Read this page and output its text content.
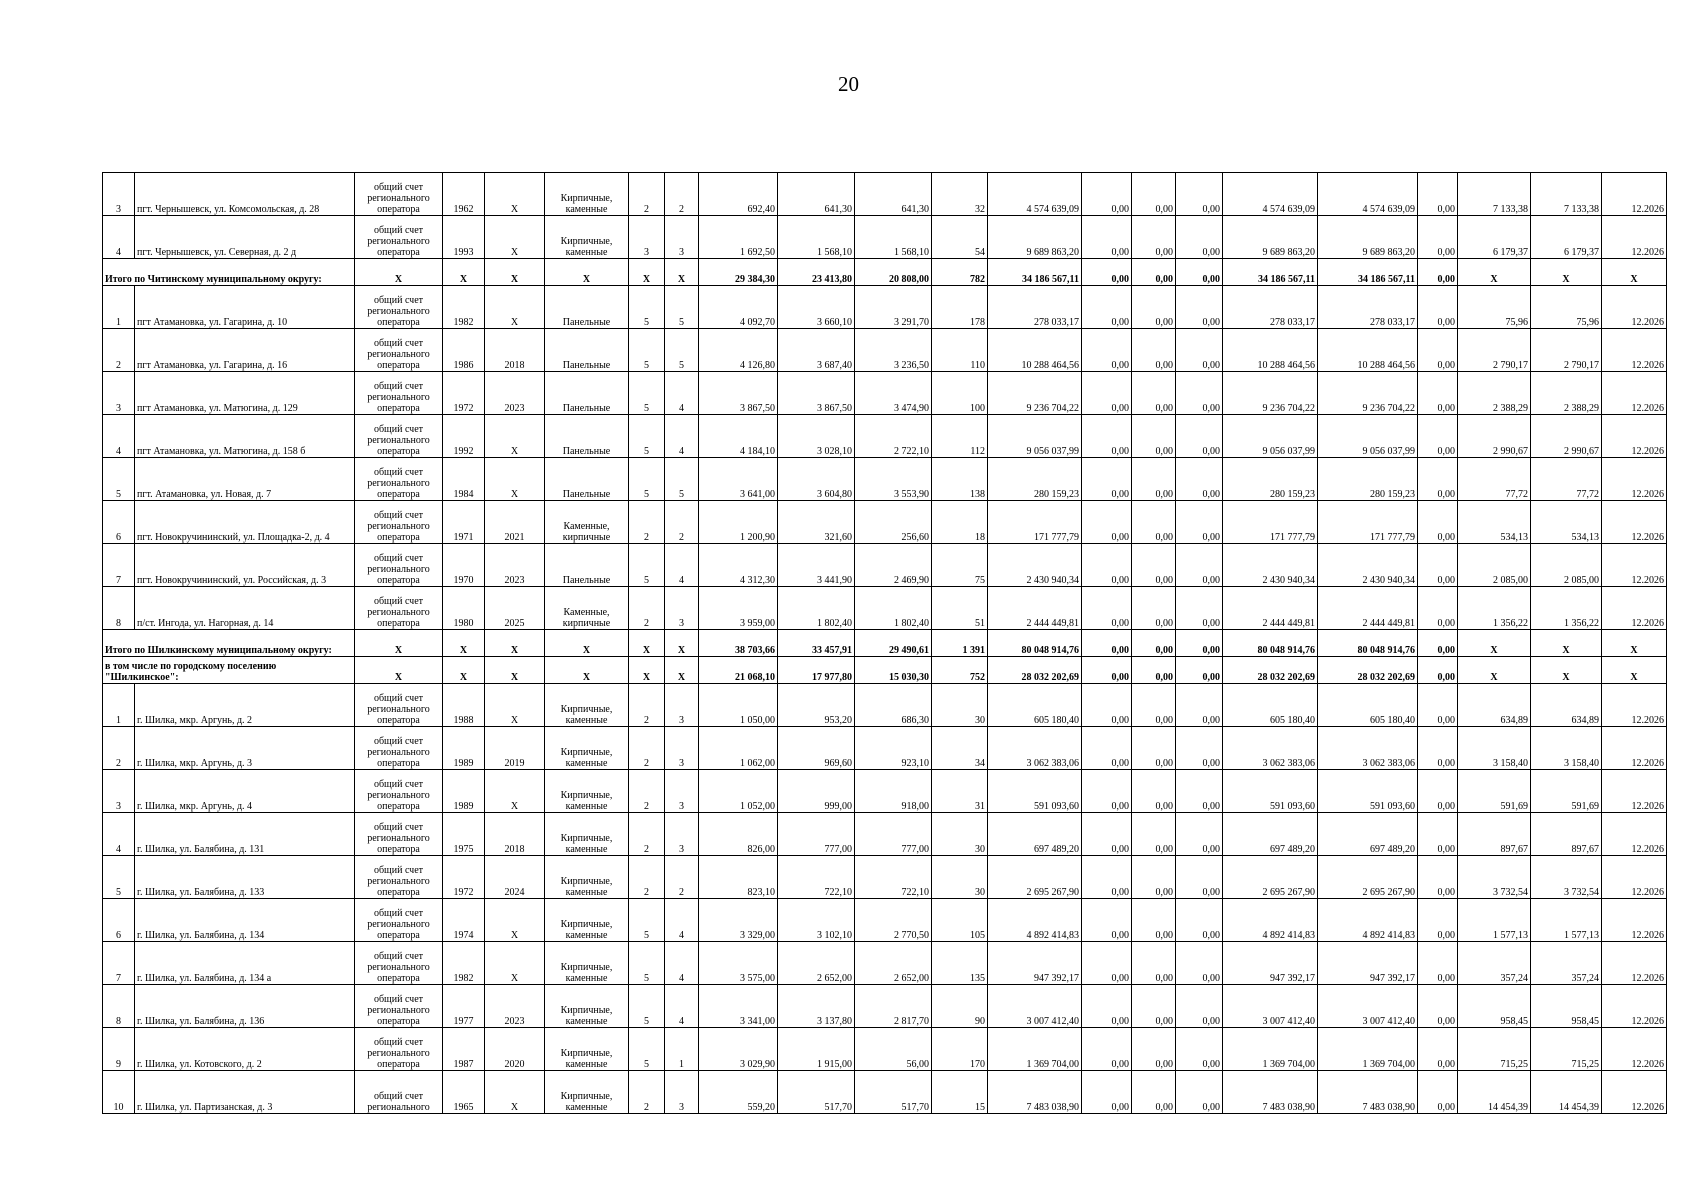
20
3	пгт. Чернышевск, ул. Комсомольская, д. 28	общий счет регионального оператора	1962	X	Кирпичные, каменные	2	2	692,40	641,30	641,30	32	4 574 639,09	0,00	0,00	0,00	4 574 639,09	4 574 639,09	0,00	7 133,38	7 133,38	12.2026
4	пгт. Чернышевск, ул. Северная, д. 2 д	общий счет регионального оператора	1993	X	Кирпичные, каменные	3	3	1 692,50	1 568,10	1 568,10	54	9 689 863,20	0,00	0,00	0,00	9 689 863,20	9 689 863,20	0,00	6 179,37	6 179,37	12.2026
Итого по Читинскому муниципальному округу:		X	X	X	X	X	X	29 384,30	23 413,80	20 808,00	782	34 186 567,11	0,00	0,00	0,00	34 186 567,11	34 186 567,11	0,00	X	X	X
1	пгт Атамановка, ул. Гагарина, д. 10	общий счет регионального оператора	1982	X	Панельные	5	5	4 092,70	3 660,10	3 291,70	178	278 033,17	0,00	0,00	0,00	278 033,17	278 033,17	0,00	75,96	75,96	12.2026
2	пгт Атамановка, ул. Гагарина, д. 16	общий счет регионального оператора	1986	2018	Панельные	5	5	4 126,80	3 687,40	3 236,50	110	10 288 464,56	0,00	0,00	0,00	10 288 464,56	10 288 464,56	0,00	2 790,17	2 790,17	12.2026
3	пгт Атамановка, ул. Матюгина, д. 129	общий счет регионального оператора	1972	2023	Панельные	5	4	3 867,50	3 867,50	3 474,90	100	9 236 704,22	0,00	0,00	0,00	9 236 704,22	9 236 704,22	0,00	2 388,29	2 388,29	12.2026
4	пгт Атамановка, ул. Матюгина, д. 158 б	общий счет регионального оператора	1992	X	Панельные	5	4	4 184,10	3 028,10	2 722,10	112	9 056 037,99	0,00	0,00	0,00	9 056 037,99	9 056 037,99	0,00	2 990,67	2 990,67	12.2026
5	пгт. Атамановка, ул. Новая, д. 7	общий счет регионального оператора	1984	X	Панельные	5	5	3 641,00	3 604,80	3 553,90	138	280 159,23	0,00	0,00	0,00	280 159,23	280 159,23	0,00	77,72	77,72	12.2026
6	пгт. Новокручининский, ул. Площадка-2, д. 4	общий счет регионального оператора	1971	2021	Каменные, кирпичные	2	2	1 200,90	321,60	256,60	18	171 777,79	0,00	0,00	0,00	171 777,79	171 777,79	0,00	534,13	534,13	12.2026
7	пгт. Новокручининский, ул. Российская, д. 3	общий счет регионального оператора	1970	2023	Панельные	5	4	4 312,30	3 441,90	2 469,90	75	2 430 940,34	0,00	0,00	0,00	2 430 940,34	2 430 940,34	0,00	2 085,00	2 085,00	12.2026
8	п/ст. Ингода, ул. Нагорная, д. 14	общий счет регионального оператора	1980	2025	Каменные, кирпичные	2	3	3 959,00	1 802,40	1 802,40	51	2 444 449,81	0,00	0,00	0,00	2 444 449,81	2 444 449,81	0,00	1 356,22	1 356,22	12.2026
Итого по Шилкинскому муниципальному округу:		X	X	X	X	X	X	38 703,66	33 457,91	29 490,61	1 391	80 048 914,76	0,00	0,00	0,00	80 048 914,76	80 048 914,76	0,00	X	X	X
в том числе по городскому поселению "Шилкинское":		X	X	X	X	X	X	21 068,10	17 977,80	15 030,30	752	28 032 202,69	0,00	0,00	0,00	28 032 202,69	28 032 202,69	0,00	X	X	X
1	г. Шилка, мкр. Аргунь, д. 2	общий счет регионального оператора	1988	X	Кирпичные, каменные	2	3	1 050,00	953,20	686,30	30	605 180,40	0,00	0,00	0,00	605 180,40	605 180,40	0,00	634,89	634,89	12.2026
2	г. Шилка, мкр. Аргунь, д. 3	общий счет регионального оператора	1989	2019	Кирпичные, каменные	2	3	1 062,00	969,60	923,10	34	3 062 383,06	0,00	0,00	0,00	3 062 383,06	3 062 383,06	0,00	3 158,40	3 158,40	12.2026
3	г. Шилка, мкр. Аргунь, д. 4	общий счет регионального оператора	1989	X	Кирпичные, каменные	2	3	1 052,00	999,00	918,00	31	591 093,60	0,00	0,00	0,00	591 093,60	591 093,60	0,00	591,69	591,69	12.2026
4	г. Шилка, ул. Балябина, д. 131	общий счет регионального оператора	1975	2018	Кирпичные, каменные	2	3	826,00	777,00	777,00	30	697 489,20	0,00	0,00	0,00	697 489,20	697 489,20	0,00	897,67	897,67	12.2026
5	г. Шилка, ул. Балябина, д. 133	общий счет регионального оператора	1972	2024	Кирпичные, каменные	2	2	823,10	722,10	722,10	30	2 695 267,90	0,00	0,00	0,00	2 695 267,90	2 695 267,90	0,00	3 732,54	3 732,54	12.2026
6	г. Шилка, ул. Балябина, д. 134	общий счет регионального оператора	1974	X	Кирпичные, каменные	5	4	3 329,00	3 102,10	2 770,50	105	4 892 414,83	0,00	0,00	0,00	4 892 414,83	4 892 414,83	0,00	1 577,13	1 577,13	12.2026
7	г. Шилка, ул. Балябина, д. 134 а	общий счет регионального оператора	1982	X	Кирпичные, каменные	5	4	3 575,00	2 652,00	2 652,00	135	947 392,17	0,00	0,00	0,00	947 392,17	947 392,17	0,00	357,24	357,24	12.2026
8	г. Шилка, ул. Балябина, д. 136	общий счет регионального оператора	1977	2023	Кирпичные, каменные	5	4	3 341,00	3 137,80	2 817,70	90	3 007 412,40	0,00	0,00	0,00	3 007 412,40	3 007 412,40	0,00	958,45	958,45	12.2026
9	г. Шилка, ул. Котовского, д. 2	общий счет регионального оператора	1987	2020	Кирпичные, каменные	5	1	3 029,90	1 915,00	56,00	170	1 369 704,00	0,00	0,00	0,00	1 369 704,00	1 369 704,00	0,00	715,25	715,25	12.2026
10	г. Шилка, ул. Партизанская, д. 3	общий счет регионального	1965	X	Кирпичные, каменные	2	3	559,20	517,70	517,70	15	7 483 038,90	0,00	0,00	0,00	7 483 038,90	7 483 038,90	0,00	14 454,39	14 454,39	12.2026
